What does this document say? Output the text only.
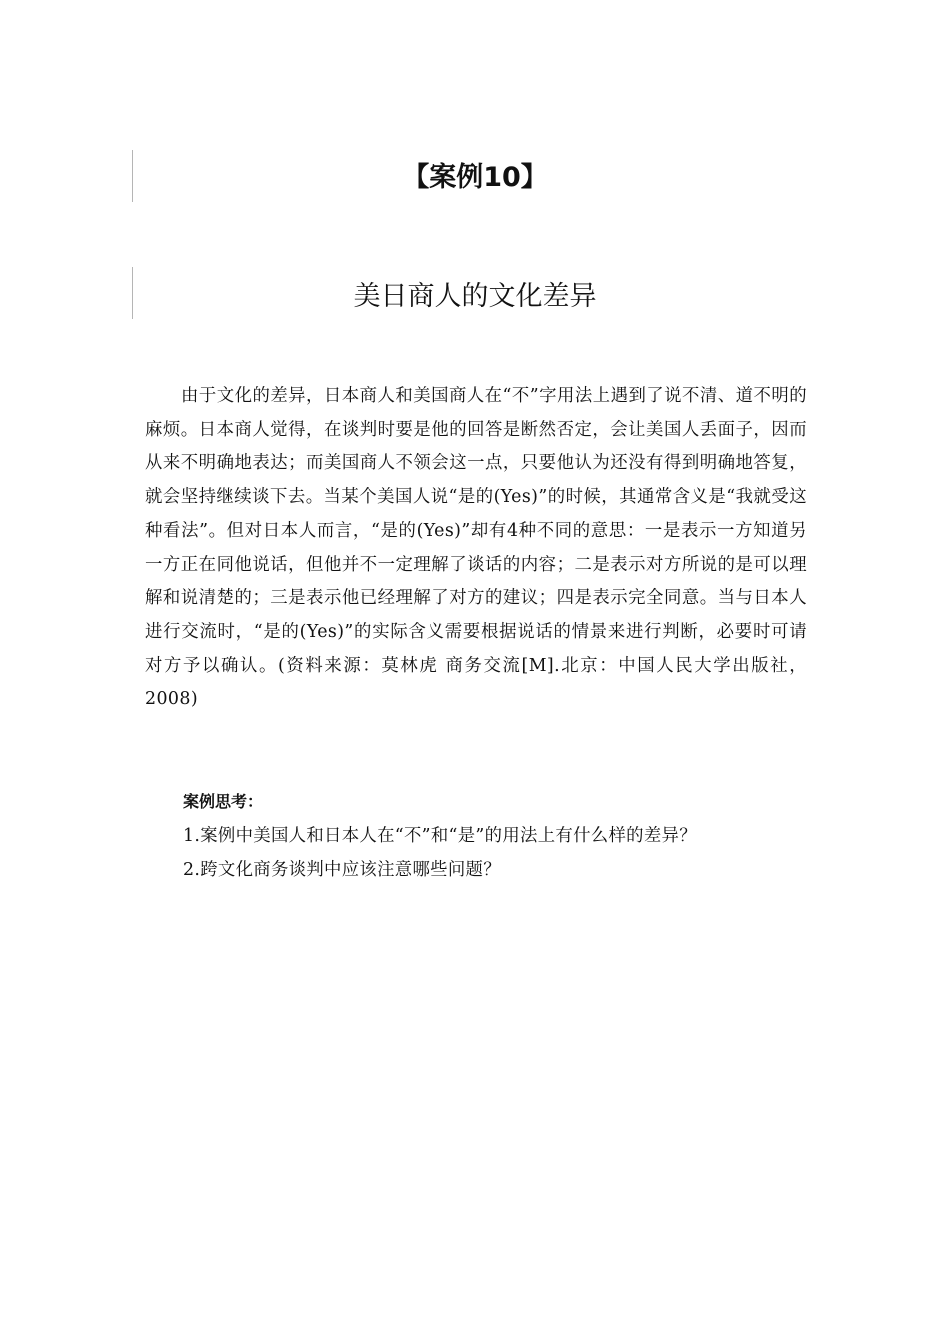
【案例10】
美日商人的文化差异

由于文化的差异，日本商人和美国商人在“不”字用法上遇到了说不清、道不明的麻烦。日本商人觉得，在谈判时要是他的回答是断然否定，会让美国人丢面子，因而从来不明确地表达；而美国商人不领会这一点，只要他认为还没有得到明确地答复，就会坚持继续谈下去。当某个美国人说“是的(Yes)”的时候，其通常含义是“我就受这种看法”。但对日本人而言，“是的(Yes)”却有4种不同的意思：一是表示一方知道另一方正在同他说话，但他并不一定理解了谈话的内容；二是表示对方所说的是可以理解和说清楚的；三是表示他已经理解了对方的建议；四是表示完全同意。当与日本人进行交流时，“是的(Yes)”的实际含义需要根据说话的情景来进行判断，必要时可请对方予以确认。(资料来源：莫林虎 商务交流[M].北京：中国人民大学出版社，2008)

案例思考：
1.案例中美国人和日本人在“不”和“是”的用法上有什么样的差异？
2.跨文化商务谈判中应该注意哪些问题？
